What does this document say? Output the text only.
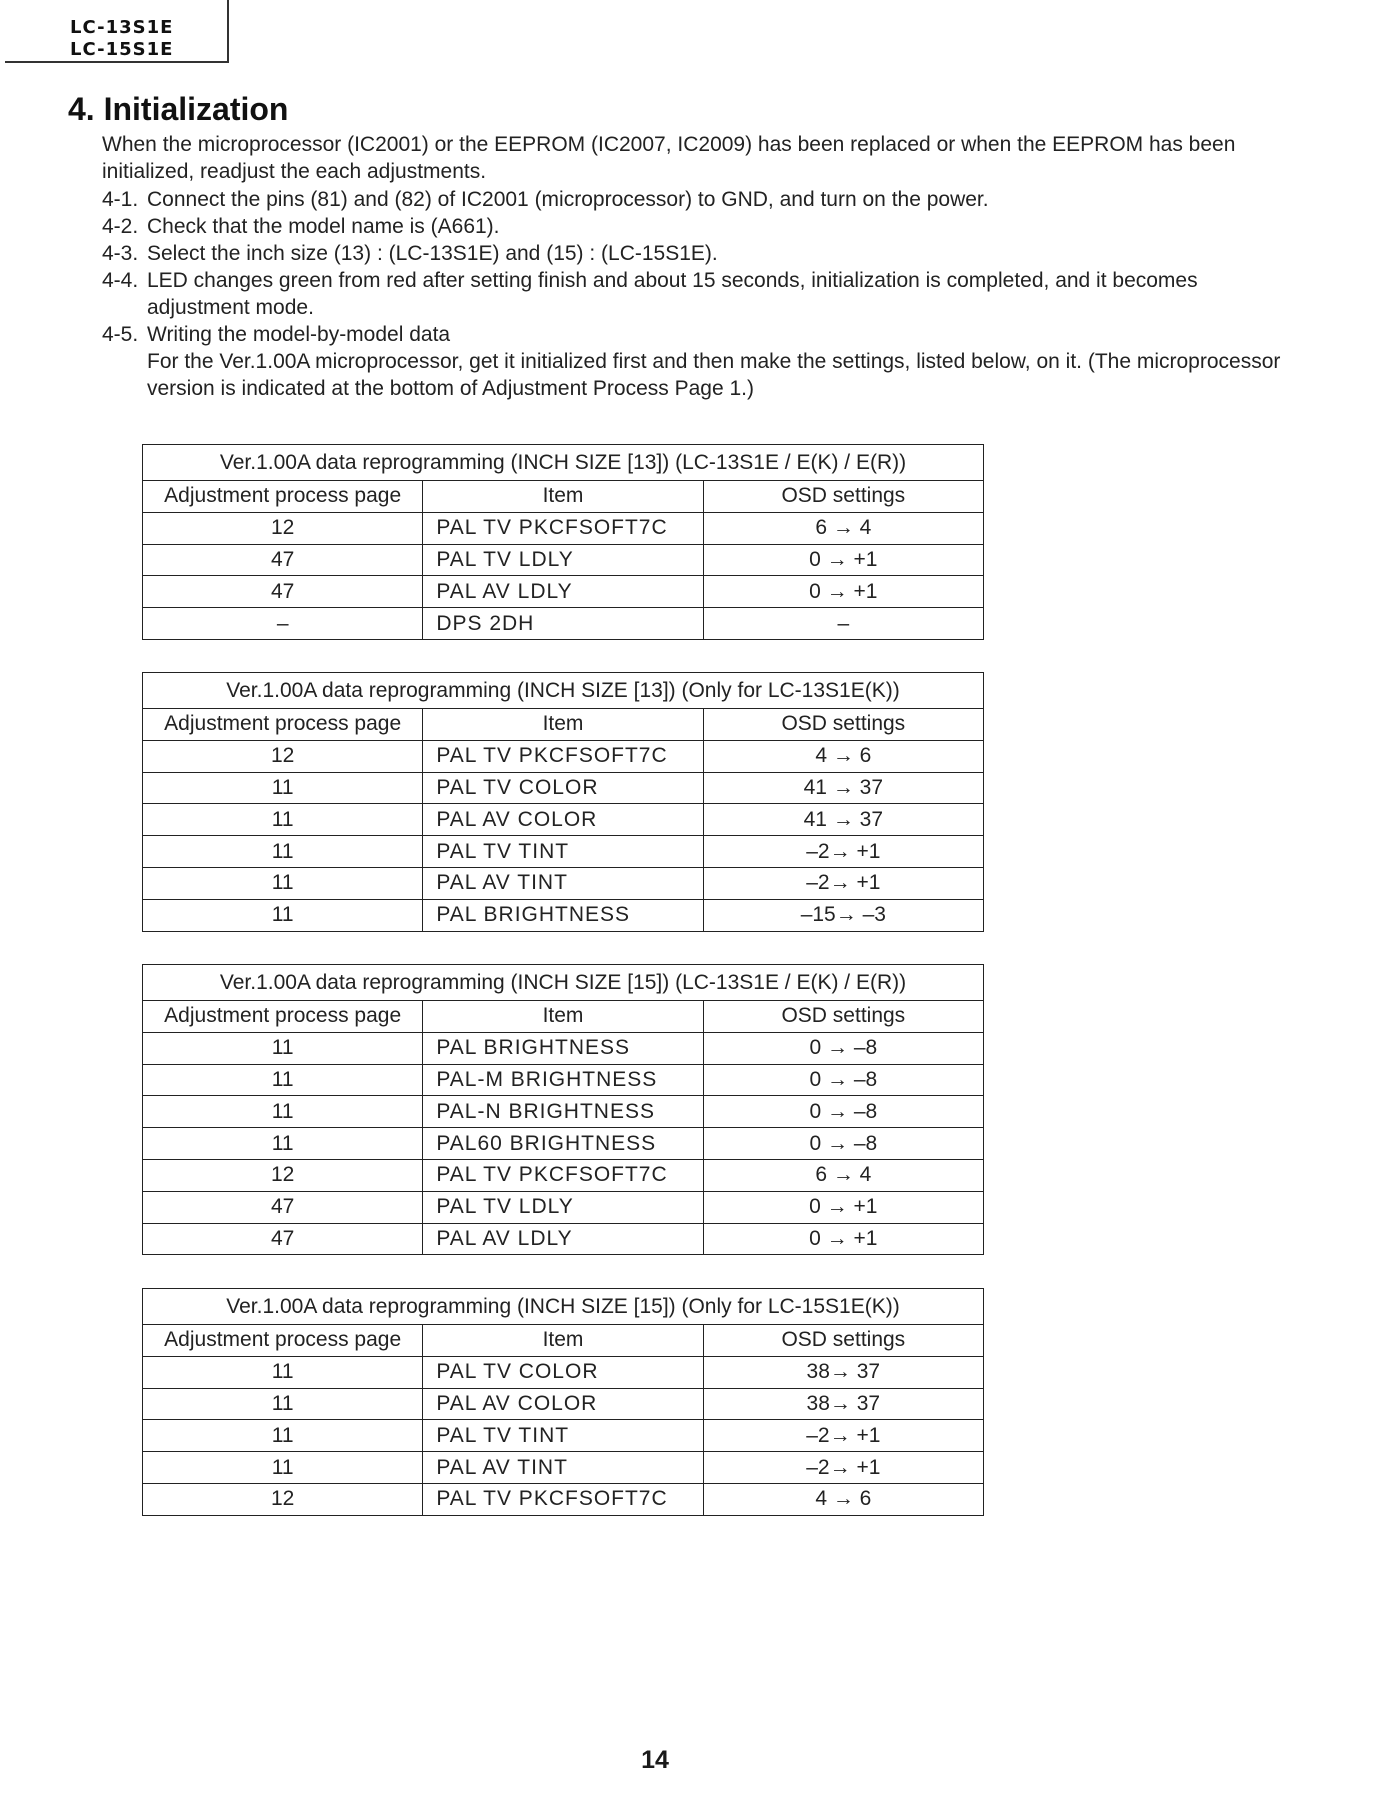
LC-13S1E
LC-15S1E
4. Initialization
When the microprocessor (IC2001) or the EEPROM (IC2007, IC2009) has been replaced or when the EEPROM has been initialized, readjust the each adjustments.
4-1. Connect the pins (81) and (82) of IC2001 (microprocessor) to GND, and turn on the power.
4-2. Check that the model name is (A661).
4-3. Select the inch size (13) : (LC-13S1E) and (15) : (LC-15S1E).
4-4. LED changes green from red after setting finish and about 15 seconds, initialization is completed, and it becomes adjustment mode.
4-5. Writing the model-by-model data
For the Ver.1.00A microprocessor, get it initialized first and then make the settings, listed below, on it. (The microprocessor version is indicated at the bottom of Adjustment Process Page 1.)
Ver.1.00A data reprogramming (INCH SIZE [13]) (LC-13S1E / E(K) / E(R))		
Adjustment process page	Item	OSD settings
12	PAL TV PKCFSOFT7C	6 → 4
47	PAL TV LDLY	0 → +1
47	PAL AV LDLY	0 → +1
–	DPS 2DH	–
Ver.1.00A data reprogramming (INCH SIZE [13]) (Only for LC-13S1E(K))		
Adjustment process page	Item	OSD settings
12	PAL TV PKCFSOFT7C	4 → 6
11	PAL TV COLOR	41 → 37
11	PAL AV COLOR	41 → 37
11	PAL TV TINT	–2→ +1
11	PAL AV TINT	–2→ +1
11	PAL BRIGHTNESS	–15→ –3
Ver.1.00A data reprogramming (INCH SIZE [15]) (LC-13S1E / E(K) / E(R))		
Adjustment process page	Item	OSD settings
11	PAL BRIGHTNESS	0 → –8
11	PAL-M BRIGHTNESS	0 → –8
11	PAL-N BRIGHTNESS	0 → –8
11	PAL60 BRIGHTNESS	0 → –8
12	PAL TV PKCFSOFT7C	6 → 4
47	PAL TV LDLY	0 → +1
47	PAL AV LDLY	0 → +1
Ver.1.00A data reprogramming (INCH SIZE [15]) (Only for LC-15S1E(K))		
Adjustment process page	Item	OSD settings
11	PAL TV COLOR	38→ 37
11	PAL AV COLOR	38→ 37
11	PAL TV TINT	–2→ +1
11	PAL AV TINT	–2→ +1
12	PAL TV PKCFSOFT7C	4 → 6
14
